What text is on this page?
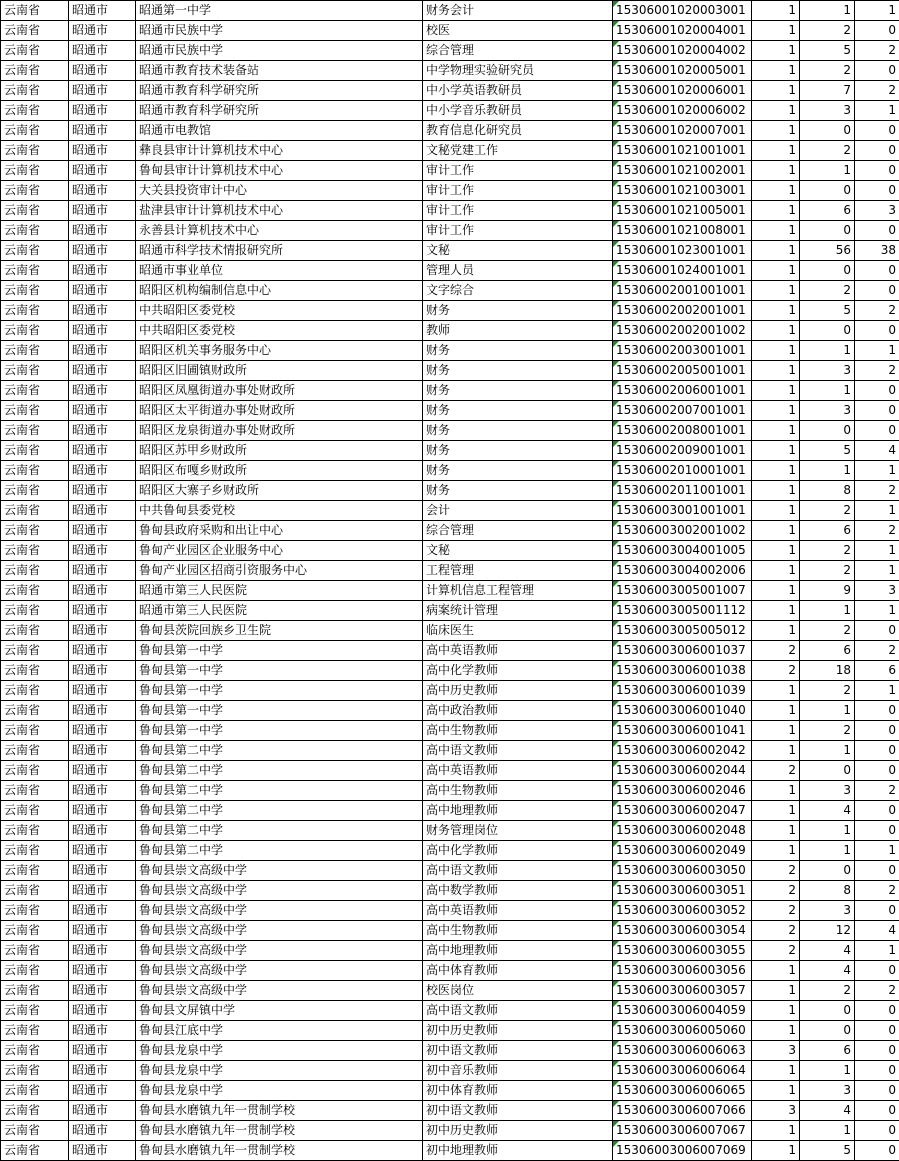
云南省	昭通市	昭通第一中学	财务会计	15306001020003001	1	1	1
云南省	昭通市	昭通市民族中学	校医	15306001020004001	1	2	0
云南省	昭通市	昭通市民族中学	综合管理	15306001020004002	1	5	2
云南省	昭通市	昭通市教育技术装备站	中学物理实验研究员	15306001020005001	1	2	0
云南省	昭通市	昭通市教育科学研究所	中小学英语教研员	15306001020006001	1	7	2
云南省	昭通市	昭通市教育科学研究所	中小学音乐教研员	15306001020006002	1	3	1
云南省	昭通市	昭通市电教馆	教育信息化研究员	15306001020007001	1	0	0
云南省	昭通市	彝良县审计计算机技术中心	文秘党建工作	15306001021001001	1	2	0
云南省	昭通市	鲁甸县审计计算机技术中心	审计工作	15306001021002001	1	1	0
云南省	昭通市	大关县投资审计中心	审计工作	15306001021003001	1	0	0
云南省	昭通市	盐津县审计计算机技术中心	审计工作	15306001021005001	1	6	3
云南省	昭通市	永善县计算机技术中心	审计工作	15306001021008001	1	0	0
云南省	昭通市	昭通市科学技术情报研究所	文秘	15306001023001001	1	56	38
云南省	昭通市	昭通市事业单位	管理人员	15306001024001001	1	0	0
云南省	昭通市	昭阳区机构编制信息中心	文字综合	15306002001001001	1	2	0
云南省	昭通市	中共昭阳区委党校	财务	15306002002001001	1	5	2
云南省	昭通市	中共昭阳区委党校	教师	15306002002001002	1	0	0
云南省	昭通市	昭阳区机关事务服务中心	财务	15306002003001001	1	1	1
云南省	昭通市	昭阳区旧圃镇财政所	财务	15306002005001001	1	3	2
云南省	昭通市	昭阳区凤凰街道办事处财政所	财务	15306002006001001	1	1	0
云南省	昭通市	昭阳区太平街道办事处财政所	财务	15306002007001001	1	3	0
云南省	昭通市	昭阳区龙泉街道办事处财政所	财务	15306002008001001	1	0	0
云南省	昭通市	昭阳区苏甲乡财政所	财务	15306002009001001	1	5	4
云南省	昭通市	昭阳区布嘎乡财政所	财务	15306002010001001	1	1	1
云南省	昭通市	昭阳区大寨子乡财政所	财务	15306002011001001	1	8	2
云南省	昭通市	中共鲁甸县委党校	会计	15306003001001001	1	2	1
云南省	昭通市	鲁甸县政府采购和出让中心	综合管理	15306003002001002	1	6	2
云南省	昭通市	鲁甸产业园区企业服务中心	文秘	15306003004001005	1	2	1
云南省	昭通市	鲁甸产业园区招商引资服务中心	工程管理	15306003004002006	1	2	1
云南省	昭通市	昭通市第三人民医院	计算机信息工程管理	15306003005001007	1	9	3
云南省	昭通市	昭通市第三人民医院	病案统计管理	15306003005001112	1	1	1
云南省	昭通市	鲁甸县茨院回族乡卫生院	临床医生	15306003005005012	1	2	0
云南省	昭通市	鲁甸县第一中学	高中英语教师	15306003006001037	2	6	2
云南省	昭通市	鲁甸县第一中学	高中化学教师	15306003006001038	2	18	6
云南省	昭通市	鲁甸县第一中学	高中历史教师	15306003006001039	1	2	1
云南省	昭通市	鲁甸县第一中学	高中政治教师	15306003006001040	1	1	0
云南省	昭通市	鲁甸县第一中学	高中生物教师	15306003006001041	1	2	0
云南省	昭通市	鲁甸县第二中学	高中语文教师	15306003006002042	1	1	0
云南省	昭通市	鲁甸县第二中学	高中英语教师	15306003006002044	2	0	0
云南省	昭通市	鲁甸县第二中学	高中生物教师	15306003006002046	1	3	2
云南省	昭通市	鲁甸县第二中学	高中地理教师	15306003006002047	1	4	0
云南省	昭通市	鲁甸县第二中学	财务管理岗位	15306003006002048	1	1	0
云南省	昭通市	鲁甸县第二中学	高中化学教师	15306003006002049	1	1	1
云南省	昭通市	鲁甸县崇文高级中学	高中语文教师	15306003006003050	2	0	0
云南省	昭通市	鲁甸县崇文高级中学	高中数学教师	15306003006003051	2	8	2
云南省	昭通市	鲁甸县崇文高级中学	高中英语教师	15306003006003052	2	3	0
云南省	昭通市	鲁甸县崇文高级中学	高中生物教师	15306003006003054	2	12	4
云南省	昭通市	鲁甸县崇文高级中学	高中地理教师	15306003006003055	2	4	1
云南省	昭通市	鲁甸县崇文高级中学	高中体育教师	15306003006003056	1	4	0
云南省	昭通市	鲁甸县崇文高级中学	校医岗位	15306003006003057	1	2	2
云南省	昭通市	鲁甸县文屏镇中学	高中语文教师	15306003006004059	1	0	0
云南省	昭通市	鲁甸县江底中学	初中历史教师	15306003006005060	1	0	0
云南省	昭通市	鲁甸县龙泉中学	初中语文教师	15306003006006063	3	6	0
云南省	昭通市	鲁甸县龙泉中学	初中音乐教师	15306003006006064	1	1	0
云南省	昭通市	鲁甸县龙泉中学	初中体育教师	15306003006006065	1	3	0
云南省	昭通市	鲁甸县水磨镇九年一贯制学校	初中语文教师	15306003006007066	3	4	0
云南省	昭通市	鲁甸县水磨镇九年一贯制学校	初中历史教师	15306003006007067	1	1	0
云南省	昭通市	鲁甸县水磨镇九年一贯制学校	初中地理教师	15306003006007069	1	5	0
